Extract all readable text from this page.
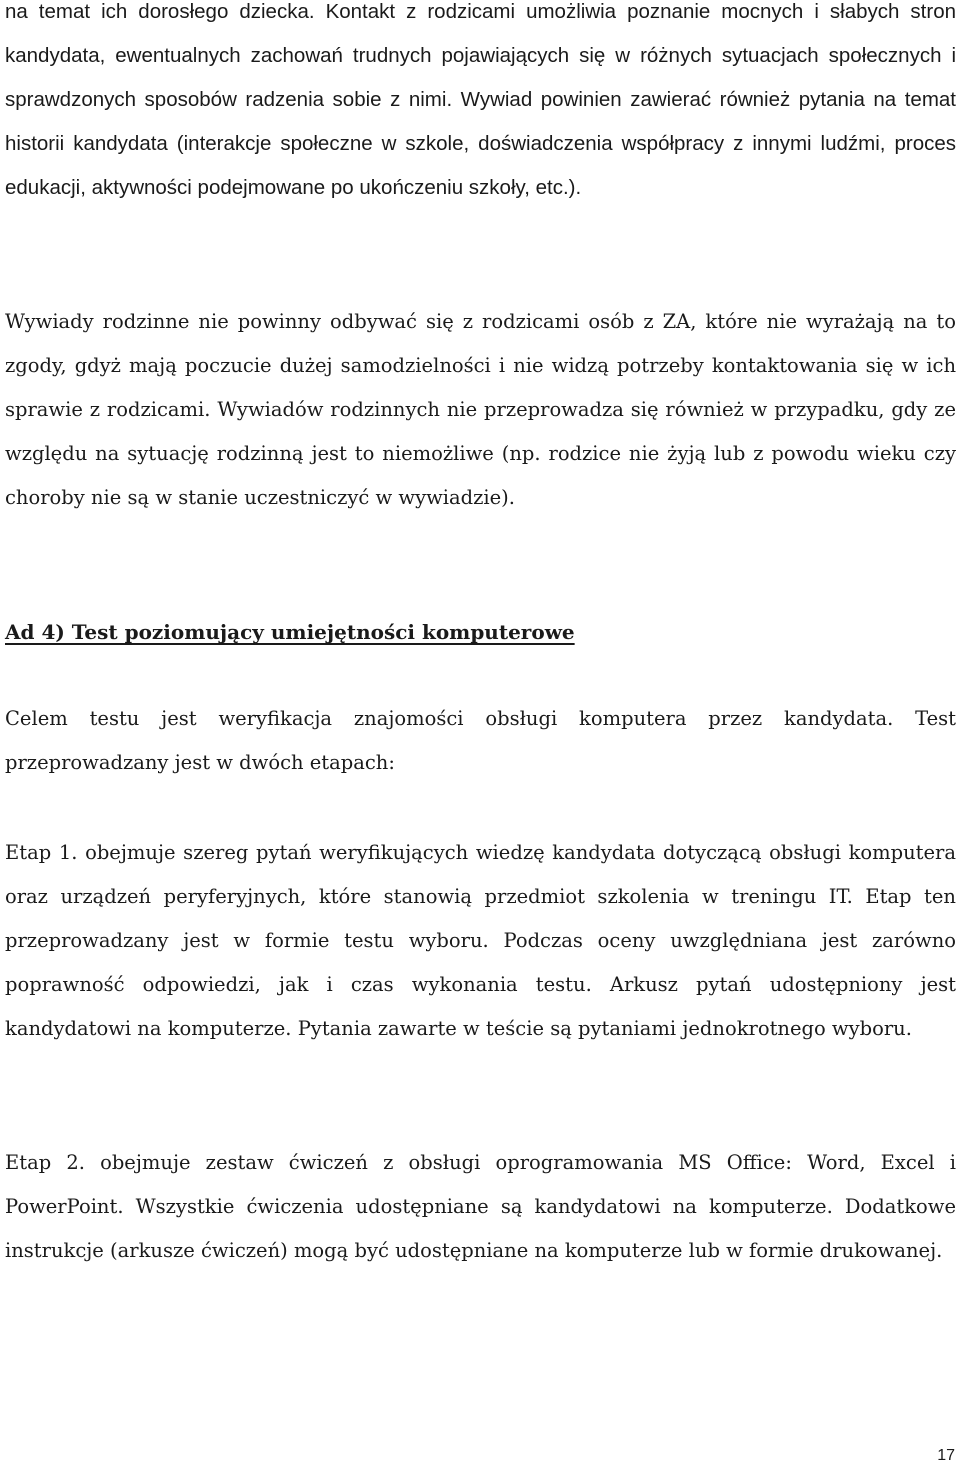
na temat ich dorosłego dziecka. Kontakt z rodzicami umożliwia poznanie mocnych i słabych stron kandydata, ewentualnych zachowań trudnych pojawiających się w różnych sytuacjach społecznych i sprawdzonych sposobów radzenia sobie z nimi. Wywiad powinien zawierać również pytania na temat historii kandydata (interakcje społeczne w szkole, doświadczenia współpracy z innymi ludźmi, proces edukacji, aktywności podejmowane po ukończeniu szkoły, etc.).

Wywiady rodzinne nie powinny odbywać się z rodzicami osób z ZA, które nie wyrażają na to zgody, gdyż mają poczucie dużej samodzielności i nie widzą potrzeby kontaktowania się w ich sprawie z rodzicami. Wywiadów rodzinnych nie przeprowadza się również w przypadku, gdy ze względu na sytuację rodzinną jest to niemożliwe (np. rodzice nie żyją lub z powodu wieku czy choroby nie są w stanie uczestniczyć w wywiadzie).

Ad 4) Test poziomujący umiejętności komputerowe

Celem testu jest weryfikacja znajomości obsługi komputera przez kandydata. Test przeprowadzany jest w dwóch etapach:

Etap 1. obejmuje szereg pytań weryfikujących wiedzę kandydata dotyczącą obsługi komputera oraz urządzeń peryferyjnych, które stanowią przedmiot szkolenia w treningu IT. Etap ten przeprowadzany jest w formie testu wyboru. Podczas oceny uwzględniana jest zarówno poprawność odpowiedzi, jak i czas wykonania testu. Arkusz pytań udostępniony jest kandydatowi na komputerze. Pytania zawarte w teście są pytaniami jednokrotnego wyboru.

Etap 2. obejmuje zestaw ćwiczeń z obsługi oprogramowania MS Office: Word, Excel i PowerPoint. Wszystkie ćwiczenia udostępniane są kandydatowi na komputerze. Dodatkowe instrukcje (arkusze ćwiczeń) mogą być udostępniane na komputerze lub w formie drukowanej.

17
